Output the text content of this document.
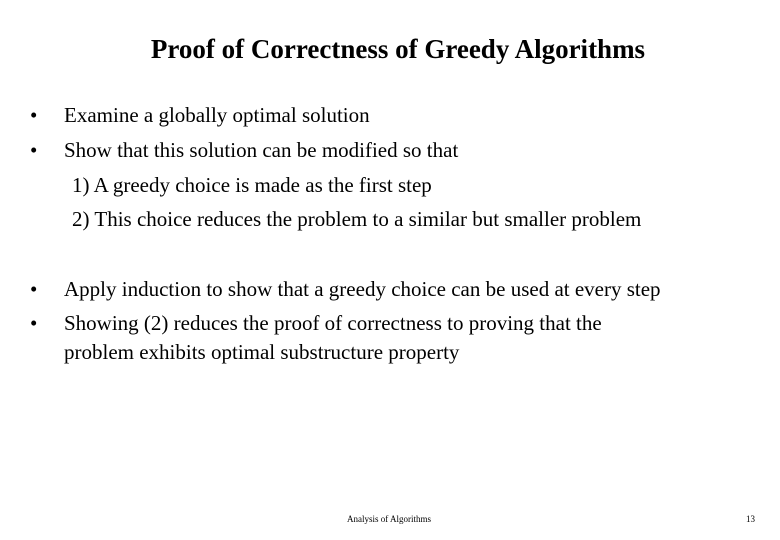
Proof of Correctness of Greedy Algorithms
• Examine a globally optimal solution
• Show that this solution can be modified so that
1) A greedy choice is made as the first step
2) This choice reduces the problem to a similar but smaller problem
• Apply induction to show that a greedy choice can be used at every step
• Showing (2) reduces the proof of correctness to proving that the
problem exhibits optimal substructure property
Analysis of Algorithms	13
